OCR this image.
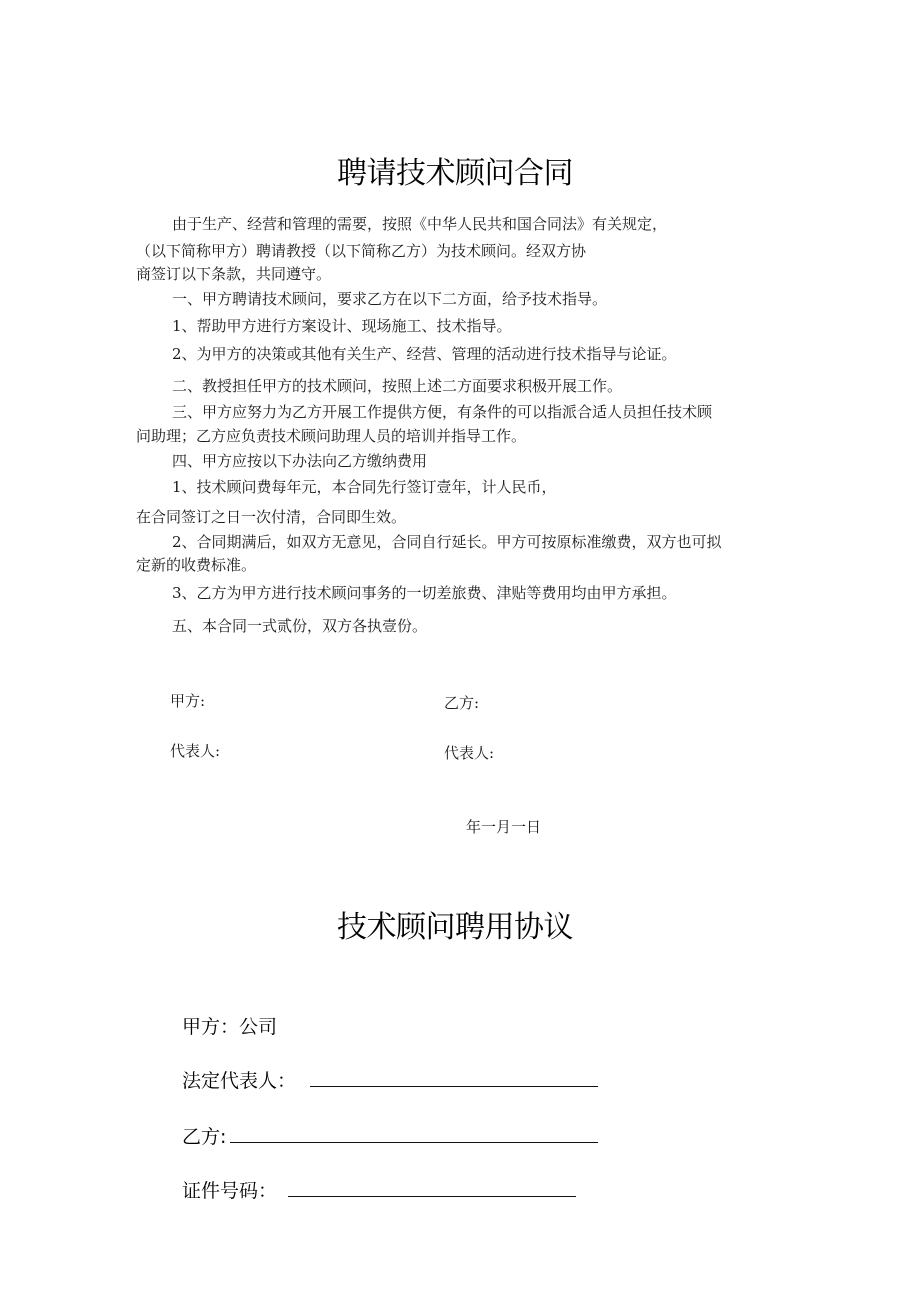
聘请技术顾问合同
由于生产、经营和管理的需要，按照《中华人民共和国合同法》有关规定，
（以下简称甲方）聘请教授（以下简称乙方）为技术顾问。经双方协
商签订以下条款，共同遵守。
一、甲方聘请技术顾问，要求乙方在以下二方面，给予技术指导。
1、帮助甲方进行方案设计、现场施工、技术指导。
2、为甲方的决策或其他有关生产、经营、管理的活动进行技术指导与论证。
二、教授担任甲方的技术顾问，按照上述二方面要求积极开展工作。
三、甲方应努力为乙方开展工作提供方便，有条件的可以指派合适人员担任技术顾
问助理；乙方应负责技术顾问助理人员的培训并指导工作。
四、甲方应按以下办法向乙方缴纳费用
1、技术顾问费每年元，本合同先行签订壹年，计人民币，
在合同签订之日一次付清，合同即生效。
2、合同期满后，如双方无意见，合同自行延长。甲方可按原标准缴费，双方也可拟
定新的收费标准。
3、乙方为甲方进行技术顾问事务的一切差旅费、津贴等费用均由甲方承担。
五、本合同一式贰份，双方各执壹份。
甲方:	乙方:
代表人:	代表人:
年一月一日
技术顾问聘用协议
甲方：公司
法定代表人：
乙方:
证件号码：
